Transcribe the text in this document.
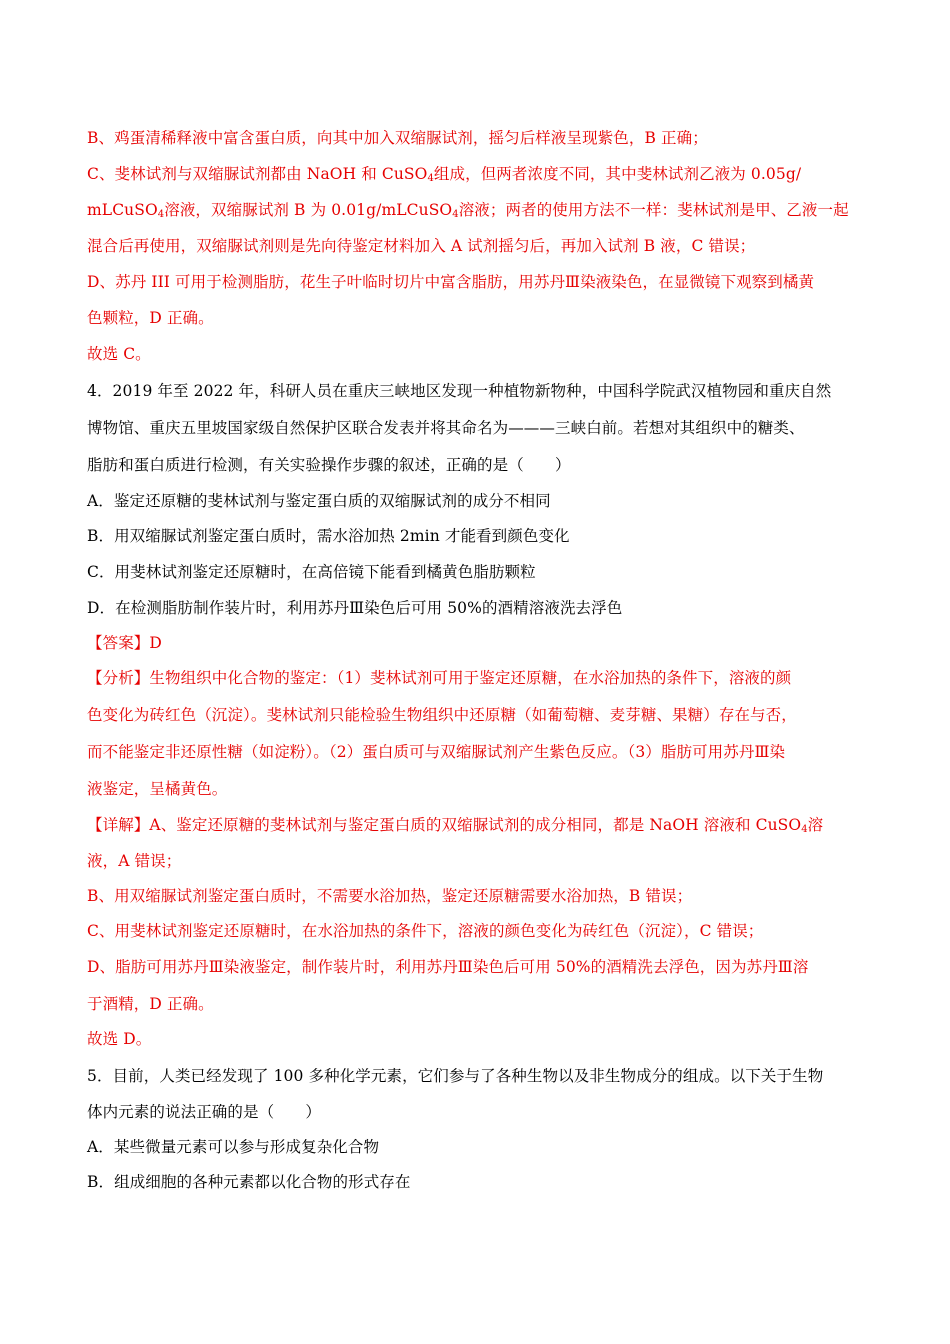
B、鸡蛋清稀释液中富含蛋白质，向其中加入双缩脲试剂，摇匀后样液呈现紫色，B 正确；
C、斐林试剂与双缩脲试剂都由 NaOH 和 CuSO$_4$组成，但两者浓度不同，其中斐林试剂乙液为 0.05g/
mLCuSO$_4$溶液，双缩脲试剂 B 为 0.01g/mLCuSO$_4$溶液；两者的使用方法不一样：斐林试剂是甲、乙液一起
混合后再使用，双缩脲试剂则是先向待鉴定材料加入 A 试剂摇匀后，再加入试剂 B 液，C 错误；
D、苏丹 III 可用于检测脂肪，花生子叶临时切片中富含脂肪，用苏丹Ⅲ染液染色，在显微镜下观察到橘黄
色颗粒，D 正确。
故选 C。
4．2019 年至 2022 年，科研人员在重庆三峡地区发现一种植物新物种，中国科学院武汉植物园和重庆自然
博物馆、重庆五里坡国家级自然保护区联合发表并将其命名为———三峡白前。若想对其组织中的糖类、
脂肪和蛋白质进行检测，有关实验操作步骤的叙述，正确的是（　　）
A．鉴定还原糖的斐林试剂与鉴定蛋白质的双缩脲试剂的成分不相同
B．用双缩脲试剂鉴定蛋白质时，需水浴加热 2min 才能看到颜色变化
C．用斐林试剂鉴定还原糖时，在高倍镜下能看到橘黄色脂肪颗粒
D．在检测脂肪制作装片时，利用苏丹Ⅲ染色后可用 50%的酒精溶液洗去浮色
【答案】D
【分析】生物组织中化合物的鉴定：（1）斐林试剂可用于鉴定还原糖，在水浴加热的条件下，溶液的颜
色变化为砖红色（沉淀）。斐林试剂只能检验生物组织中还原糖（如葡萄糖、麦芽糖、果糖）存在与否，
而不能鉴定非还原性糖（如淀粉）。（2）蛋白质可与双缩脲试剂产生紫色反应。（3）脂肪可用苏丹Ⅲ染
液鉴定，呈橘黄色。
【详解】A、鉴定还原糖的斐林试剂与鉴定蛋白质的双缩脲试剂的成分相同，都是 NaOH 溶液和 CuSO$_4$溶
液，A 错误；
B、用双缩脲试剂鉴定蛋白质时，不需要水浴加热，鉴定还原糖需要水浴加热，B 错误；
C、用斐林试剂鉴定还原糖时，在水浴加热的条件下，溶液的颜色变化为砖红色（沉淀），C 错误；
D、脂肪可用苏丹Ⅲ染液鉴定，制作装片时，利用苏丹Ⅲ染色后可用 50%的酒精洗去浮色，因为苏丹Ⅲ溶
于酒精，D 正确。
故选 D。
5．目前，人类已经发现了 100 多种化学元素，它们参与了各种生物以及非生物成分的组成。以下关于生物
体内元素的说法正确的是（　　）
A．某些微量元素可以参与形成复杂化合物
B．组成细胞的各种元素都以化合物的形式存在
